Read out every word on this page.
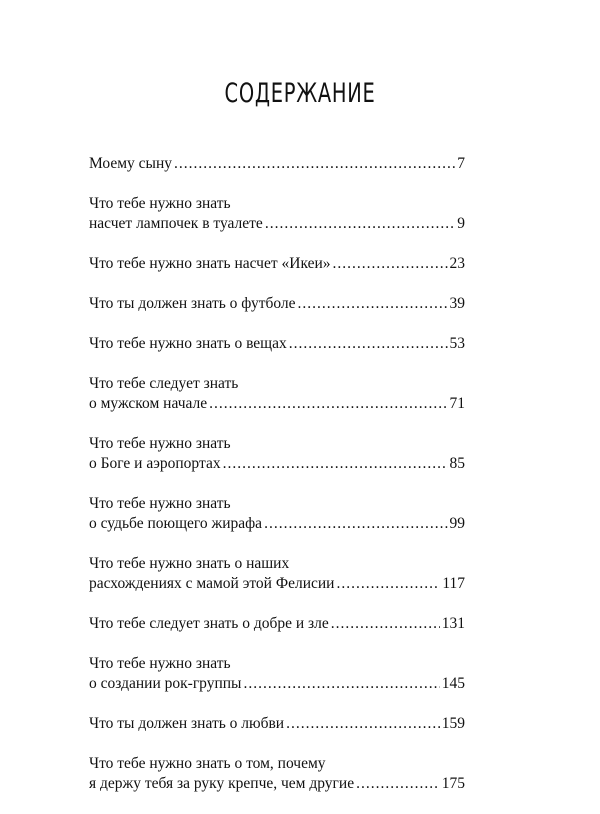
СОДЕРЖАНИЕ
Моему сыну .....	7
Что тебе нужно знать
насчет лампочек в туалете .....	9
Что тебе нужно знать насчет «Икеи» .....	23
Что ты должен знать о футболе .....	39
Что тебе нужно знать о вещах .....	53
Что тебе следует знать
о мужском начале .....	71
Что тебе нужно знать
о Боге и аэропортах .....	85
Что тебе нужно знать
о судьбе поющего жирафа .....	99
Что тебе нужно знать о наших
расхождениях с мамой этой Фелисии .....	117
Что тебе следует знать о добре и зле .....	131
Что тебе нужно знать
о создании рок-группы .....	145
Что ты должен знать о любви .....	159
Что тебе нужно знать о том, почему
я держу тебя за руку крепче, чем другие .....	175
